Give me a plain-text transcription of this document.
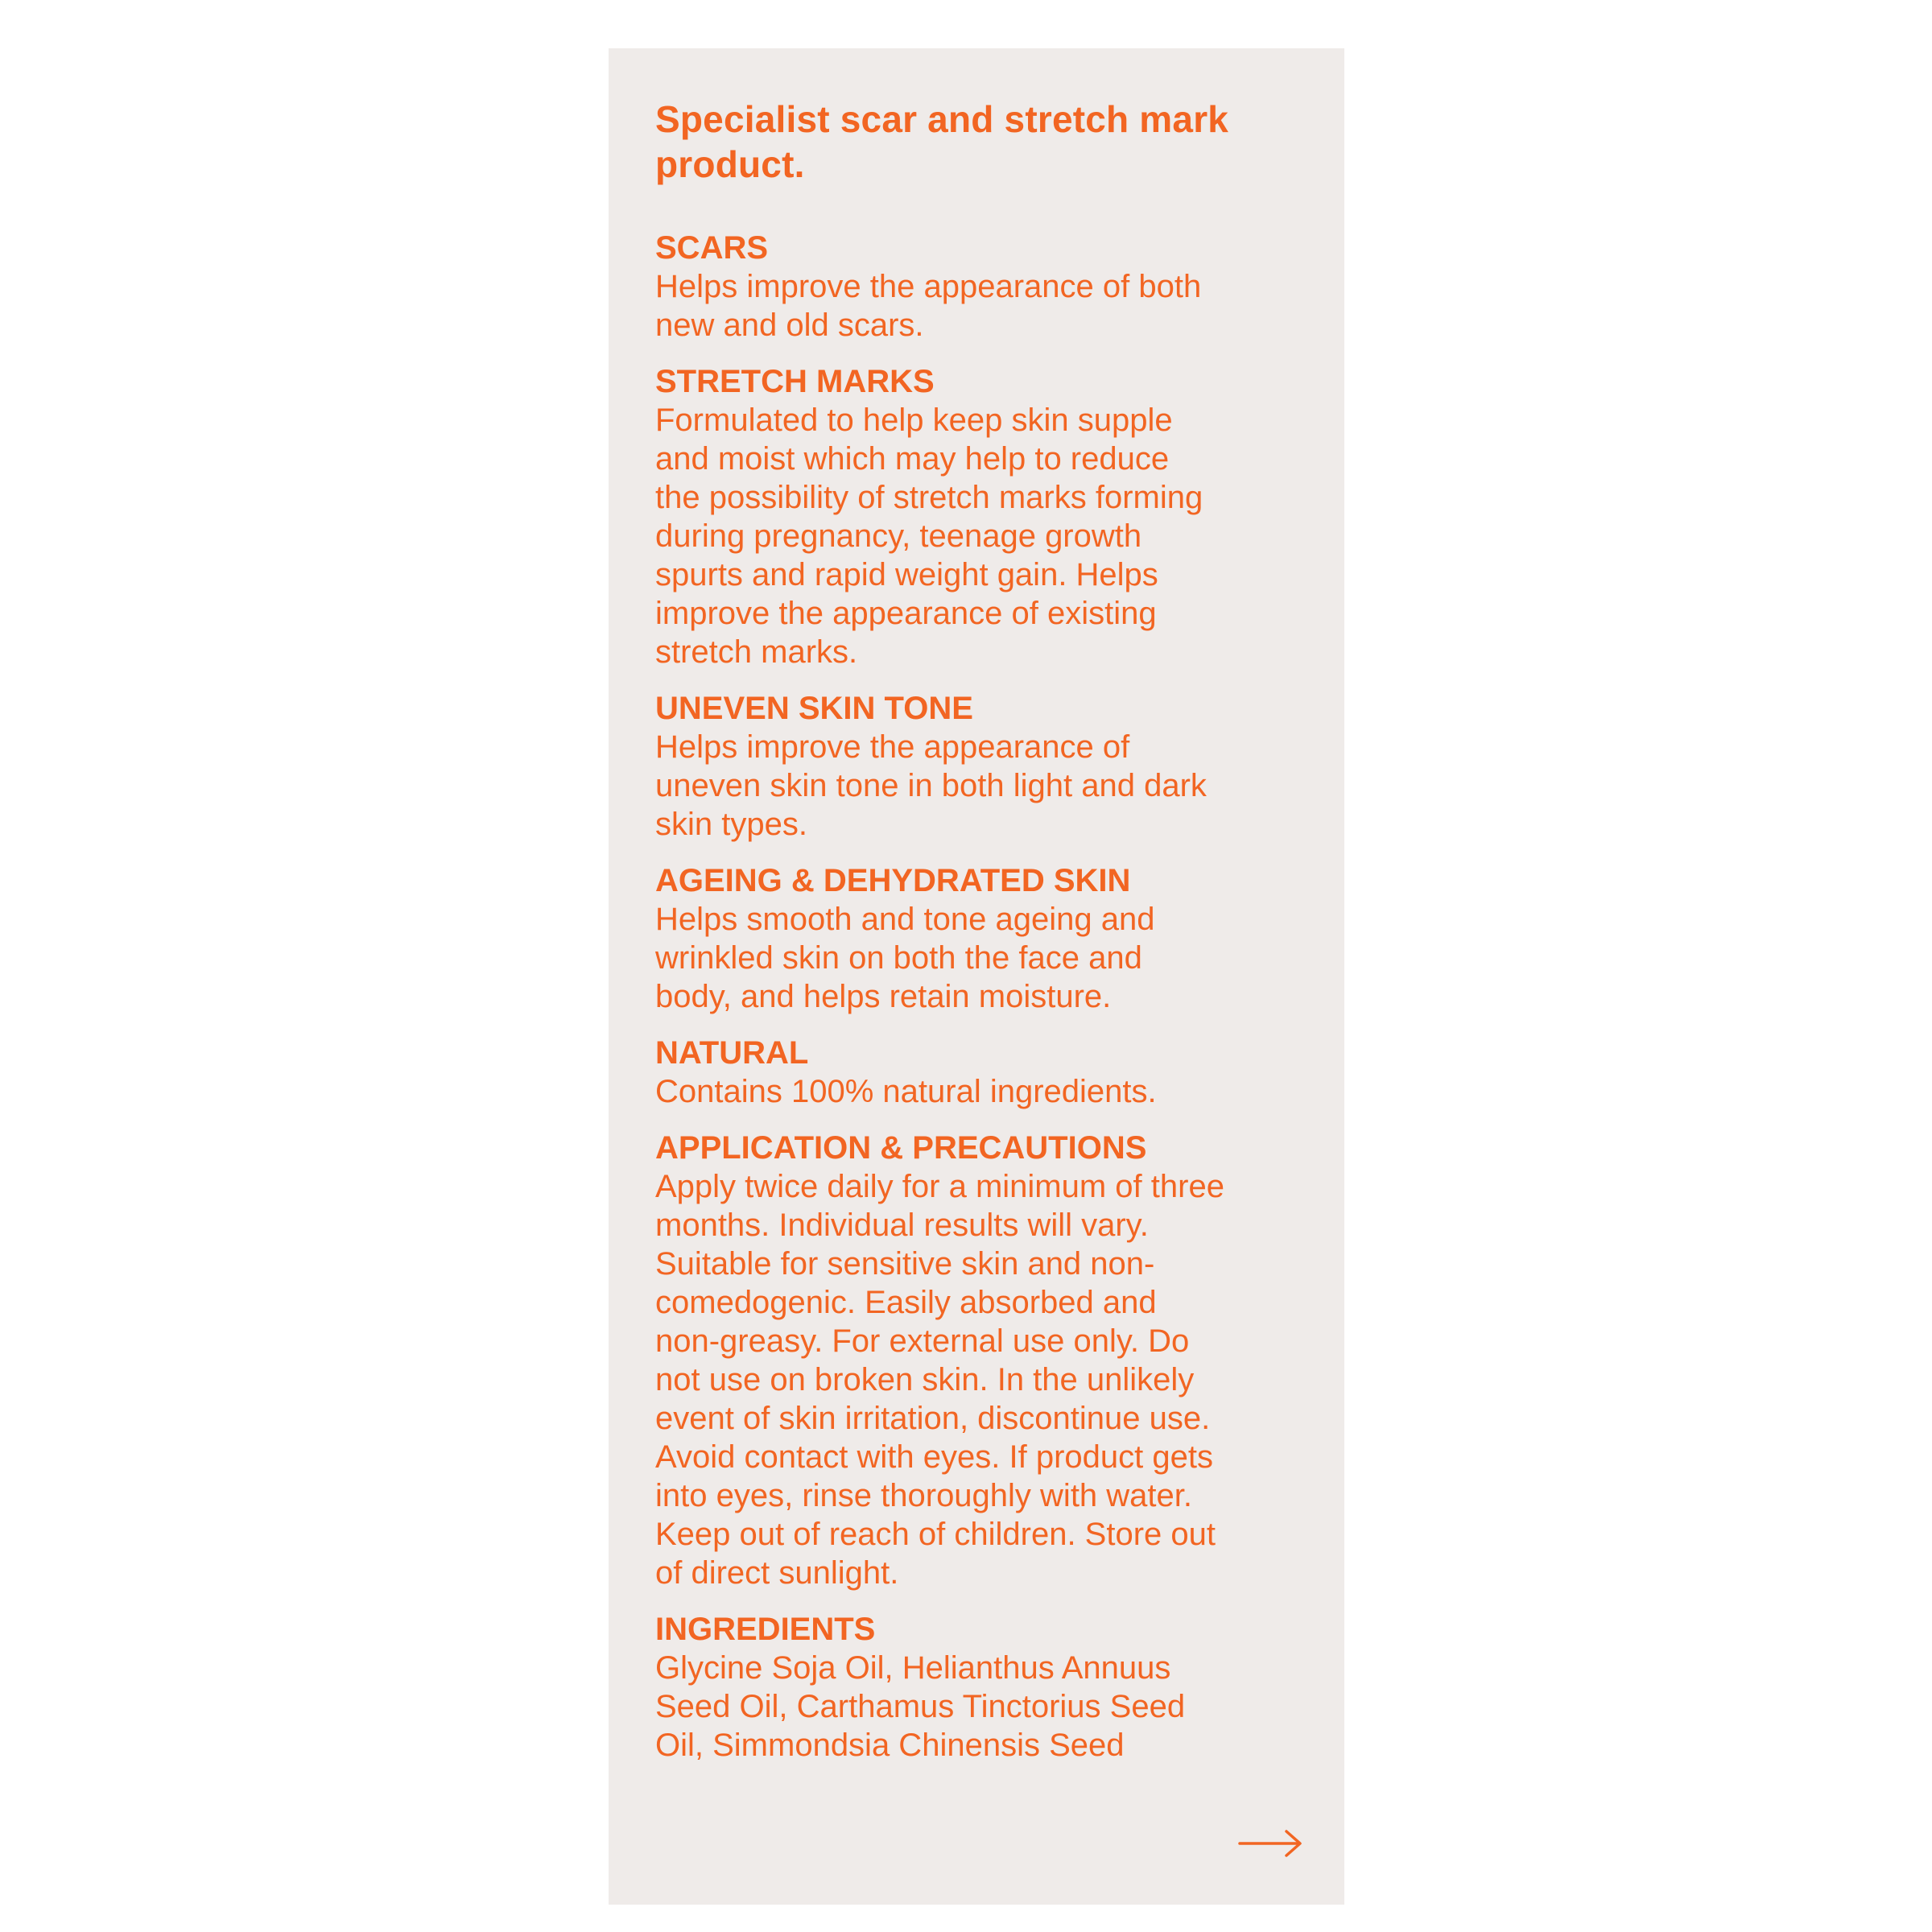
Specialist scar and stretch mark
product.

SCARS

Helps improve the appearance of both
new and old scars.

STRETCH MARKS

Formulated to help keep skin supple
and moist which may help to reduce
the possibility of stretch marks forming
during pregnancy, teenage growth
spurts and rapid weight gain. Helps
improve the appearance of existing
stretch marks.

UNEVEN SKIN TONE

Helps improve the appearance of
uneven skin tone in both light and dark
skin types.

AGEING & DEHYDRATED SKIN

Helps smooth and tone ageing and
wrinkled skin on both the face and
body, and helps retain moisture.

NATURAL

Contains 100% natural ingredients.

APPLICATION & PRECAUTIONS

Apply twice daily for a minimum of three
months. Individual results will vary.
Suitable for sensitive skin and non-
comedogenic. Easily absorbed and
non-greasy. For external use only. Do
not use on broken skin. In the unlikely
event of skin irritation, discontinue use.
Avoid contact with eyes. If product gets
into eyes, rinse thoroughly with water.
Keep out of reach of children. Store out
of direct sunlight.

INGREDIENTS

Glycine Soja Oil, Helianthus Annuus
Seed Oil, Carthamus Tinctorius Seed
Oil, Simmondsia Chinensis Seed
